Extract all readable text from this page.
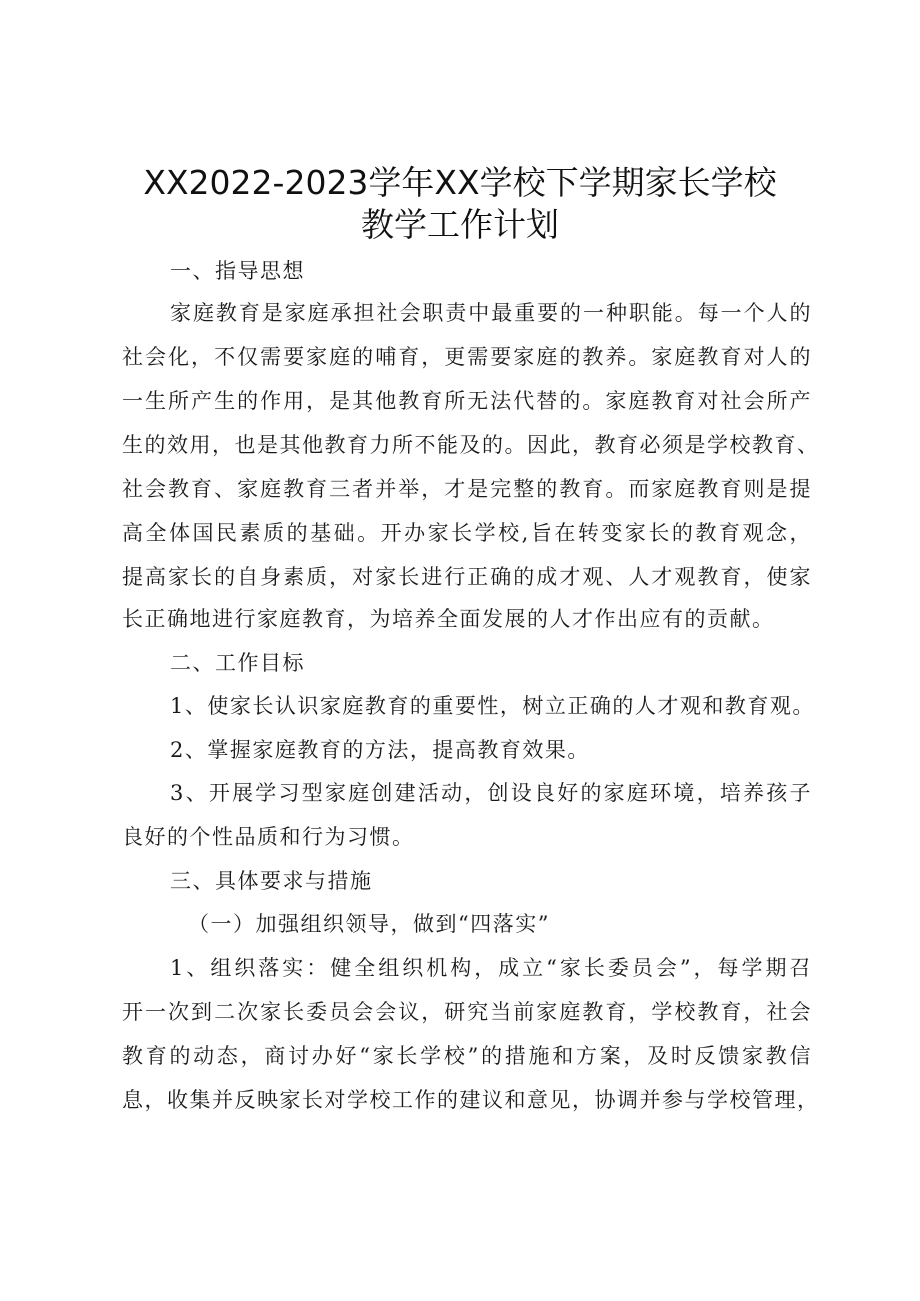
XX2022-2023学年XX学校下学期家长学校
教学工作计划
一、指导思想
家庭教育是家庭承担社会职责中最重要的一种职能。每一个人的
社会化，不仅需要家庭的哺育，更需要家庭的教养。家庭教育对人的
一生所产生的作用，是其他教育所无法代替的。家庭教育对社会所产
生的效用，也是其他教育力所不能及的。因此，教育必须是学校教育、
社会教育、家庭教育三者并举，才是完整的教育。而家庭教育则是提
高全体国民素质的基础。开办家长学校,旨在转变家长的教育观念，
提高家长的自身素质，对家长进行正确的成才观、人才观教育，使家
长正确地进行家庭教育，为培养全面发展的人才作出应有的贡献。
二、工作目标
1、使家长认识家庭教育的重要性，树立正确的人才观和教育观。
2、掌握家庭教育的方法，提高教育效果。
3、开展学习型家庭创建活动，创设良好的家庭环境，培养孩子
良好的个性品质和行为习惯。
三、具体要求与措施
（一）加强组织领导，做到“四落实”
1、组织落实：健全组织机构，成立“家长委员会”，每学期召
开一次到二次家长委员会会议，研究当前家庭教育，学校教育，社会
教育的动态，商讨办好“家长学校”的措施和方案，及时反馈家教信
息，收集并反映家长对学校工作的建议和意见，协调并参与学校管理，
